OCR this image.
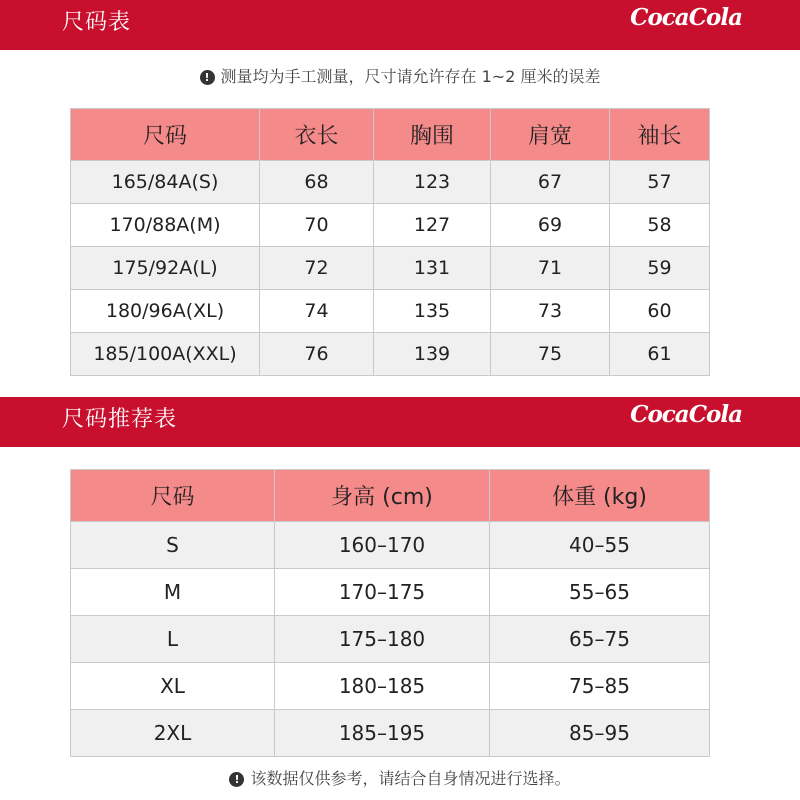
尺码表	CocaCola
! 测量均为手工测量，尺寸请允许存在 1~2 厘米的误差
尺码	衣长	胸围	肩宽	袖长
165/84A(S)	68	123	67	57
170/88A(M)	70	127	69	58
175/92A(L)	72	131	71	59
180/96A(XL)	74	135	73	60
185/100A(XXL)	76	139	75	61
尺码推荐表	CocaCola
尺码	身高 (cm)	体重 (kg)
S	160–170	40–55
M	170–175	55–65
L	175–180	65–75
XL	180–185	75–85
2XL	185–195	85–95
! 该数据仅供参考，请结合自身情况进行选择。
